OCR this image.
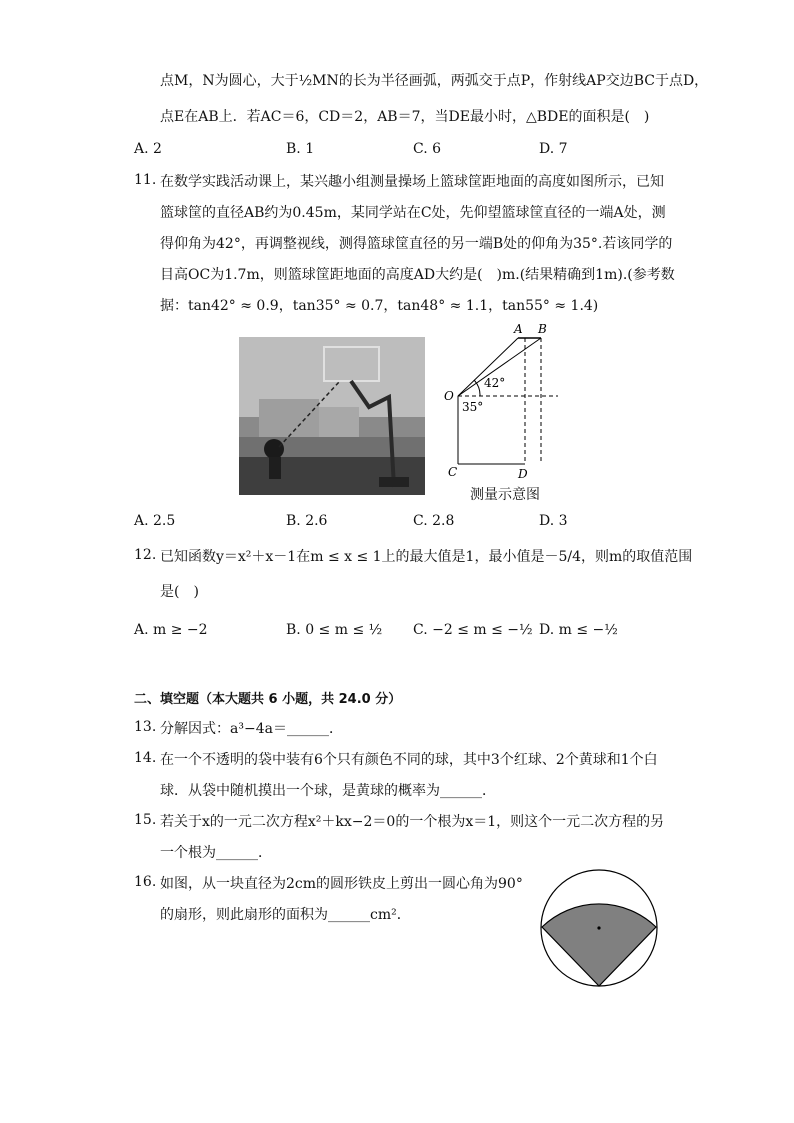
点M，N为圆心，大于½MN的长为半径画弧，两弧交于点P，作射线AP交边BC于点D，
点E在AB上．若AC＝6，CD＝2，AB＝7，当DE最小时，△BDE的面积是(　)
A. 2	B. 1	C. 6	D. 7
11. 在数学实践活动课上，某兴趣小组测量操场上篮球筐距地面的高度如图所示，已知
篮球筐的直径AB约为0.45m，某同学站在C处，先仰望篮球筐直径的一端A处，测
得仰角为42°，再调整视线，测得篮球筐直径的另一端B处的仰角为35°.若该同学的
目高OC为1.7m，则篮球筐距地面的高度AD大约是(　)m.(结果精确到1m).(参考数
据：tan42° ≈ 0.9，tan35° ≈ 0.7，tan48° ≈ 1.1，tan55° ≈ 1.4)
A B
O
C	D
42°
35°
测量示意图
A. 2.5	B. 2.6	C. 2.8	D. 3
12. 已知函数y＝x²＋x－1在m ≤ x ≤ 1上的最大值是1，最小值是－5/4，则m的取值范围
是(　)
A. m ≥ −2	B. 0 ≤ m ≤ ½ C. −2 ≤ m ≤ −½ D. m ≤ −½
二、填空题（本大题共 6 小题，共 24.0 分）
13. 分解因式：a³−4a＝______．
14. 在一个不透明的袋中装有6个只有颜色不同的球，其中3个红球、2个黄球和1个白
球．从袋中随机摸出一个球，是黄球的概率为______．
15. 若关于x的一元二次方程x²＋kx−2＝0的一个根为x＝1，则这个一元二次方程的另
一个根为______．
16. 如图，从一块直径为2cm的圆形铁皮上剪出一圆心角为90°
的扇形，则此扇形的面积为______cm²．
